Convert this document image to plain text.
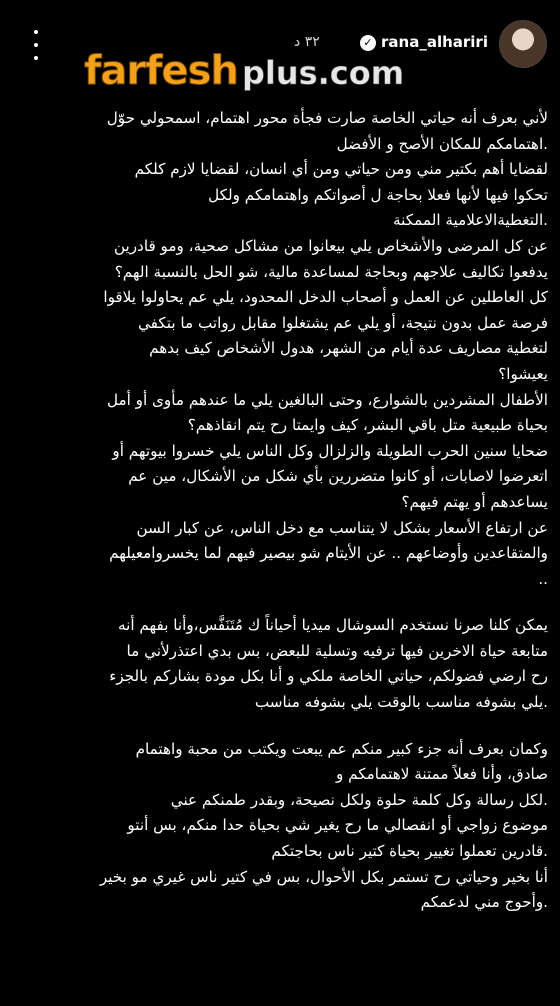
٣٢ د	✓ rana_alhariri
farfesh plus.com

لأني بعرف أنه حياتي الخاصة صارت فجأة محور اهتمام، اسمحولي حوّل
.اهتمامكم للمكان الأصح و الأفضل
لقضايا أهم بكتير مني ومن حياتي ومن أي انسان، لقضايا لازم كلكم
تحكوا فيها لأنها فعلا بحاجة ل أصواتكم واهتمامكم ولكل
.التغطيةالاعلامية الممكنة
عن كل المرضى والأشخاص يلي بيعانوا من مشاكل صحية، ومو قادرين
يدفعوا تكاليف علاجهم وبحاجة لمساعدة مالية، شو الحل بالنسبة الهم؟
كل العاطلين عن العمل و أصحاب الدخل المحدود، يلي عم يحاولوا يلاقوا
فرصة عمل بدون نتيجة، أو يلي عم يشتغلوا مقابل رواتب ما بتكفي
لتغطية مصاريف عدة أيام من الشهر، هدول الأشخاص كيف بدهم
يعيشوا؟
الأطفال المشردين بالشوارع، وحتى البالغين يلي ما عندهم مأوى أو أمل
بحياة طبيعية متل باقي البشر، كيف وايمتا رح يتم انقاذهم؟
ضحايا سنين الحرب الطويلة والزلزال وكل الناس يلي خسروا بيوتهم أو
اتعرضوا لاصابات، أو كانوا متضررين بأي شكل من الأشكال، مين عم
يساعدهم أو يهتم فيهم؟
عن ارتفاع الأسعار بشكل لا يتناسب مع دخل الناس، عن كبار السن
والمتقاعدين وأوضاعهم .. عن الأيتام شو بيصير فيهم لما يخسروامعيلهم
..

يمكن كلنا صرنا نستخدم السوشال ميديا أحياناً ك مُتَنَفَّس،وأنا بفهم أنه
متابعة حياة الاخرين فيها ترفيه وتسلية للبعض، بس بدي اعتذرلأني ما
رح ارضي فضولكم، حياتي الخاصة ملكي و أنا بكل مودة بشاركم بالجزء
.يلي بشوفه مناسب بالوقت يلي بشوفه مناسب

وكمان بعرف أنه جزء كبير منكم عم يبعت ويكتب من محبة واهتمام
صادق، وأنا فعلاً ممتنة لاهتمامكم و
.لكل رسالة وكل كلمة حلوة ولكل نصيحة، وبقدر طمنكم عني
موضوع زواجي أو انفصالي ما رح يغير شي بحياة حدا منكم، بس أنتو
.قادرين تعملوا تغيير بحياة كتير ناس بحاجتكم
أنا بخير وحياتي رح تستمر بكل الأحوال، بس في كتير ناس غيري مو بخير
.وأحوج مني لدعمكم
